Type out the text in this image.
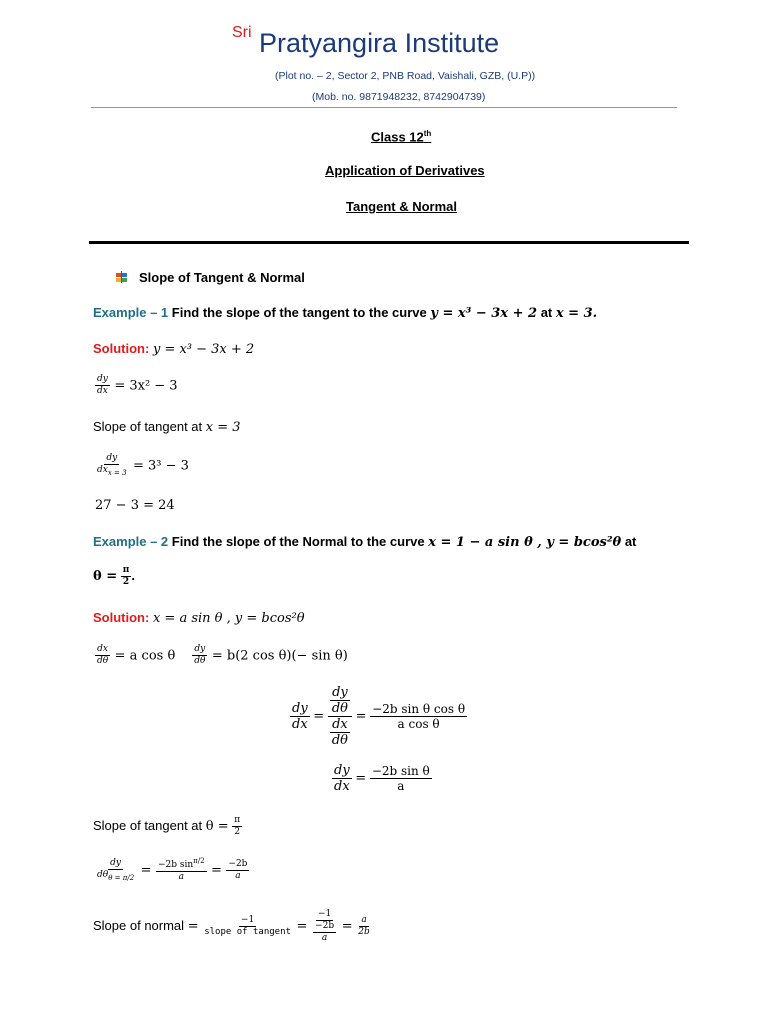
Sri Pratyangira Institute
(Plot no. – 2, Sector 2, PNB Road, Vaishali, GZB, (U.P))
(Mob. no. 9871948232, 8742904739)
Class 12th
Application of Derivatives
Tangent & Normal
Slope of Tangent & Normal
Example – 1 Find the slope of the tangent to the curve y = x³ − 3x + 2 at x = 3.
Solution: y = x³ − 3x + 2
$\frac{dy}{dx} = 3x^2 - 3$
Slope of tangent at x = 3
$\frac{dy}{dx_{x = 3}} = 3^3 - 3$
27 − 3 = 24
Example – 2 Find the slope of the Normal to the curve x = 1 − a sin θ , y = bcos²θ at
$\theta = \frac{\pi}{2}$ .
Solution: x = a sin θ , y = bcos²θ
$\frac{dx}{d\theta} = a$ cos θ $\frac{dy}{d\theta} = b(2$ cos θ)(− sin θ)
$\frac{dy}{dx} = \frac{\frac{dy}{d\theta}}{\frac{dx}{d\theta}} = \frac{\text{−2b sin θ cos θ}}{\text{a cos θ}}$
$\frac{dy}{dx} = \frac{\text{−2b sin θ}}{a}$
Slope of tangent at $\theta = \frac{\pi}{2}$
$\frac{dy}{d\theta_{\theta = \pi/2}} = \frac{-2b \sin^{\pi/2}}{a} = \frac{-2b}{a}$
Slope of normal = $\frac{-1}{\text{slope of tangent}} = \frac{-1}{\frac{-2b}{a}} = \frac{a}{2b}$
